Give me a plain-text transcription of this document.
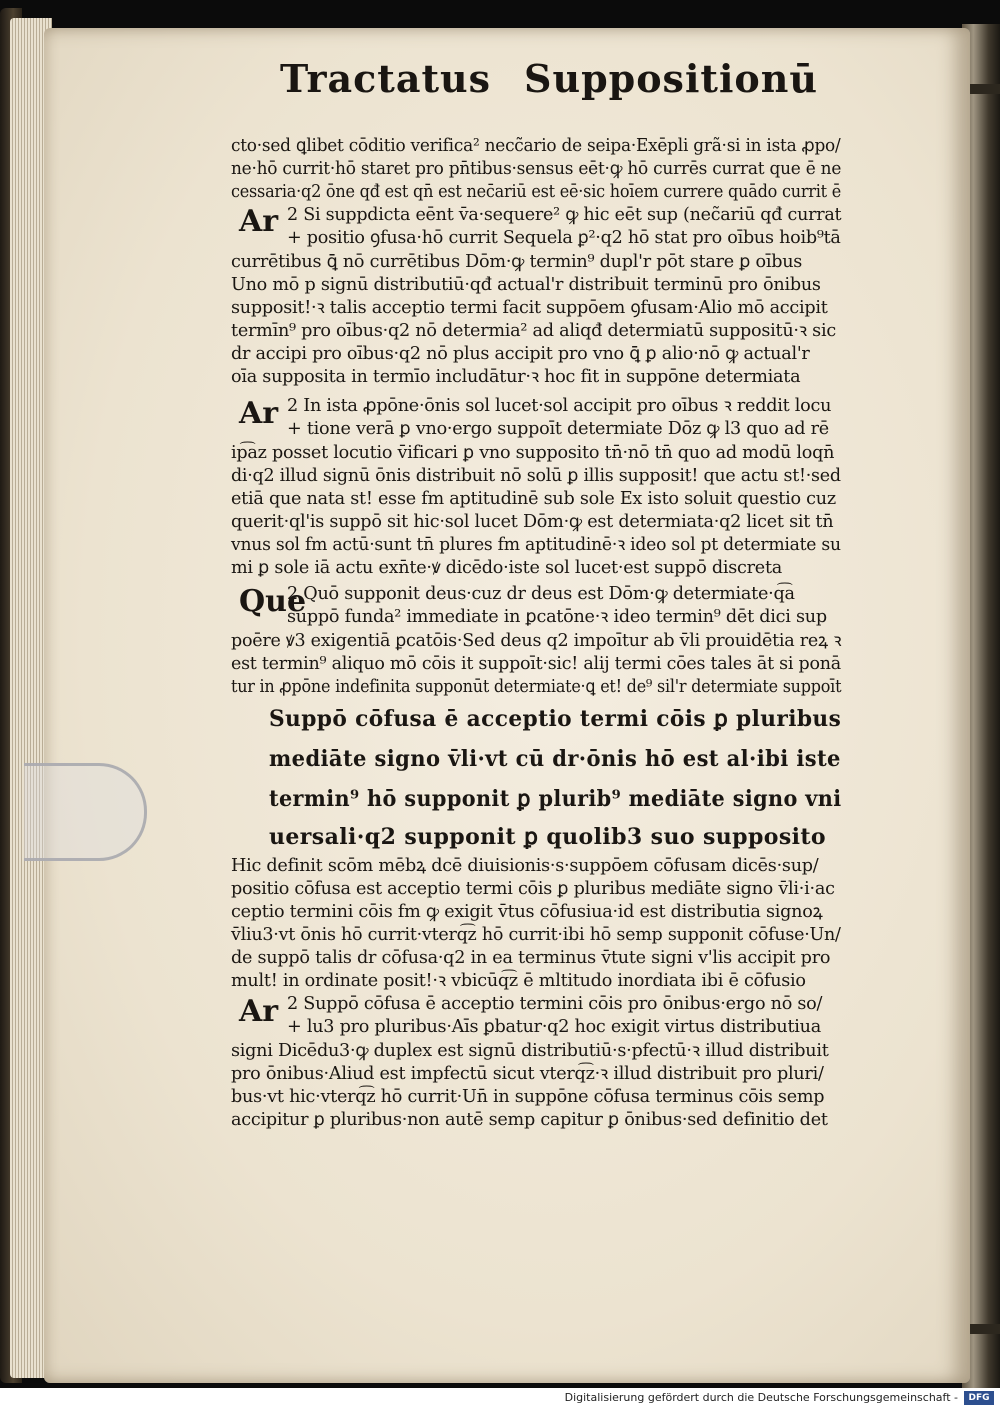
Tractatus Suppositionū
Ar
Ar
Que
Ar
cto·sed ꝗlibet cōditio verifica² necc̃ario de seipa·Exēpli grã·si in ista ꝓpo/
ne·hō currit·hō staret pro pn̄tibus·sensus eēt·ꝙ hō currēs currat que ē ne
cessaria·q2 ōne qđ est qn̄ est nec̄ariū est eē·sic hoīem currere quādo currit ē
2 Si suppdicta eēnt v̄a·sequere² ꝙ hic eēt sup (nec̃ariū qđ currat
+ positio ꝯfusa·hō currit Sequela ꝑ²·q2 hō stat pro oībus hoib⁹tā
currētibus ꝗ̄ nō currētibus Dōm·ꝙ termin⁹ dupl'r pōt stare ꝑ oībus
Uno mō p signū distributiū·qđ actual'r distribuit terminū pro ōnibus
supposit!·ꝛ talis acceptio termi facit suppōem ꝯfusam·Alio mō accipit
termīn⁹ pro oībus·q2 nō determia² ad aliqđ determiatū suppositū·ꝛ sic
dr accipi pro oībus·q2 nō plus accipit pro vno ꝗ̄ ꝑ alio·nō ꝙ actual'r
oīa supposita in termīo includātur·ꝛ hoc fit in suppōne determiata
2 In ista ꝓpōne·ōnis sol lucet·sol accipit pro oībus ꝛ reddit locu
+ tione verā ꝑ vno·ergo suppoīt determiate Dōz ꝙ l3 quo ad rē
ip͡az posset locutio v̄ificari ꝑ vno supposito tn̄·nō tn̄ quo ad modū loqn̄
di·q2 illud signū ōnis distribuit nō solū ꝑ illis supposit! que actu st!·sed
etiā que nata st! esse fm aptitudinē sub sole Ex isto soluit questio cuz
querit·ql'is suppō sit hic·sol lucet Dōm·ꝙ est determiata·q2 licet sit tn̄
vnus sol fm actū·sunt tn̄ plures fm aptitudinē·ꝛ ideo sol pt determiate su
mi ꝑ sole iā actu exn̄te·ꝟ dicēdo·iste sol lucet·est suppō discreta
2 Quō supponit deus·cuz dr deus est Dōm·ꝙ determiate·q͡a
suppō funda² immediate in ꝑcatōne·ꝛ ideo termin⁹ dēt dici sup
poēre ꝟ3 exigentiā ꝑcatōis·Sed deus q2 impoītur ab v̄li prouidētia reꝝ ꝛ
est termin⁹ aliquo mō cōis it suppoīt·sic! alij termi cōes tales āt si ponā
tur in ꝓpōne indefinita supponūt determiate·ꝗ et! de⁹ sil'r determiate suppoīt
Suppō cōfusa ē acceptio termi cōis ꝑ pluribus
mediāte signo v̄li·vt cū dr·ōnis hō est al·ibi iste
termin⁹ hō supponit ꝑ plurib⁹ mediāte signo vni
uersali·q2 supponit ꝑ quolib3 suo supposito
Hic definit scōm mēbꝝ dcē diuisionis·s·suppōem cōfusam dicēs·sup/
positio cōfusa est acceptio termi cōis ꝑ pluribus mediāte signo v̄li·i·ac
ceptio termini cōis fm ꝙ exigit v̄tus cōfusiua·id est distributia signoꝝ
v̄liu3·vt ōnis hō currit·vterq͡z hō currit·ibi hō semp supponit cōfuse·Un/
de suppō talis dr cōfusa·q2 in ea terminus v̄tute signi v'lis accipit pro
mult! in ordinate posit!·ꝛ vbicūq͡z ē mltitudo inordiata ibi ē cōfusio
2 Suppō cōfusa ē acceptio termini cōis pro ōnibus·ergo nō so/
+ lu3 pro pluribus·Aīs ꝑbatur·q2 hoc exigit virtus distributiua
signi Dicēdu3·ꝙ duplex est signū distributiū·s·pfectū·ꝛ illud distribuit
pro ōnibus·Aliud est impfectū sicut vterq͡z·ꝛ illud distribuit pro pluri/
bus·vt hic·vterq͡z hō currit·Un̄ in suppōne cōfusa terminus cōis semp
accipitur ꝑ pluribus·non autē semp capitur ꝑ ōnibus·sed definitio det
Digitalisierung gefördert durch die Deutsche Forschungsgemeinschaft -	DFG
